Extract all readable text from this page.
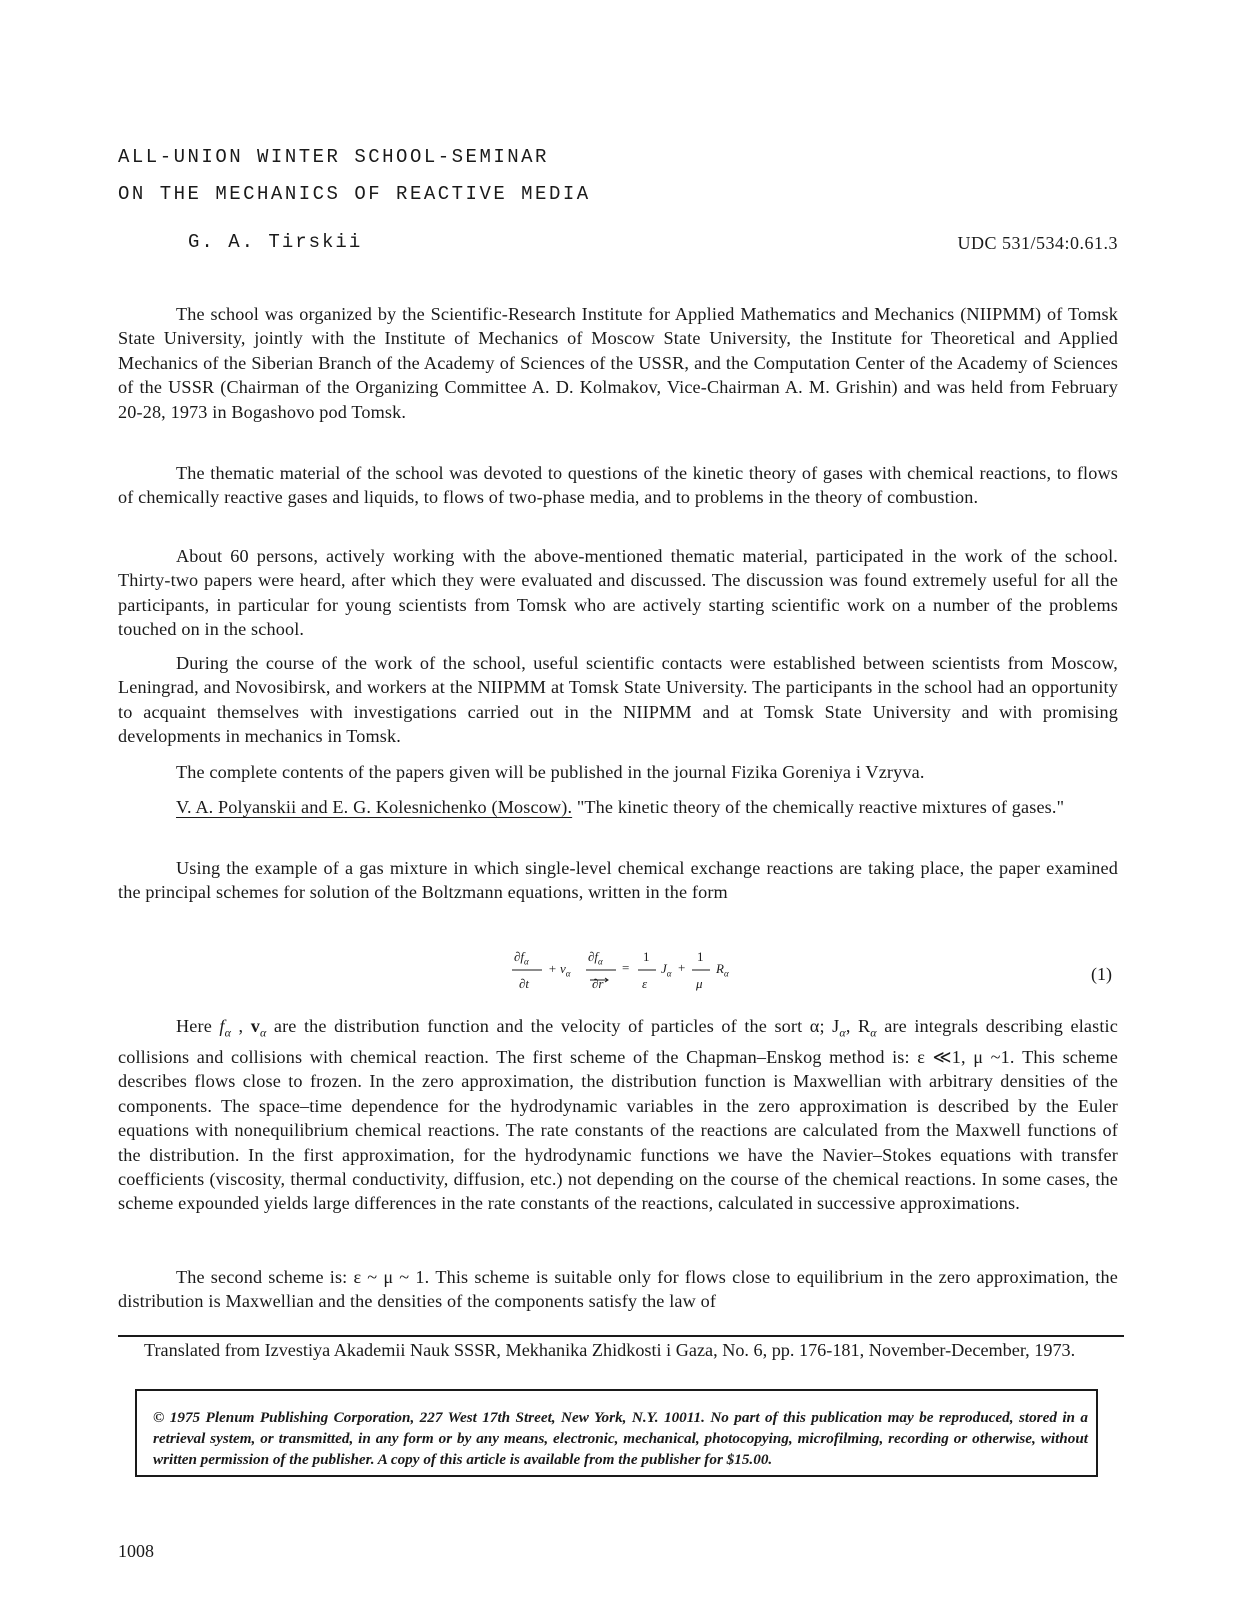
ALL-UNION WINTER SCHOOL-SEMINAR
ON THE MECHANICS OF REACTIVE MEDIA
G. A. Tirskii	UDC 531/534:0.61.3

The school was organized by the Scientific-Research Institute for Applied Mathematics and Mechanics (NIIPMM) of Tomsk State University, jointly with the Institute of Mechanics of Moscow State University, the Institute for Theoretical and Applied Mechanics of the Siberian Branch of the Academy of Sciences of the USSR, and the Computation Center of the Academy of Sciences of the USSR (Chairman of the Organizing Committee A. D. Kolmakov, Vice-Chairman A. M. Grishin) and was held from February 20-28, 1973 in Bogashovo pod Tomsk.

The thematic material of the school was devoted to questions of the kinetic theory of gases with chemical reactions, to flows of chemically reactive gases and liquids, to flows of two-phase media, and to problems in the theory of combustion.

About 60 persons, actively working with the above-mentioned thematic material, participated in the work of the school. Thirty-two papers were heard, after which they were evaluated and discussed. The discussion was found extremely useful for all the participants, in particular for young scientists from Tomsk who are actively starting scientific work on a number of the problems touched on in the school.

During the course of the work of the school, useful scientific contacts were established between scientists from Moscow, Leningrad, and Novosibirsk, and workers at the NIIPMM at Tomsk State University. The participants in the school had an opportunity to acquaint themselves with investigations carried out in the NIIPMM and at Tomsk State University and with promising developments in mechanics in Tomsk.

The complete contents of the papers given will be published in the journal Fizika Goreniya i Vzryva.

V. A. Polyanskii and E. G. Kolesnichenko (Moscow). "The kinetic theory of the chemically reactive mixtures of gases."

Using the example of a gas mixture in which single-level chemical exchange reactions are taking place, the paper examined the principal schemes for solution of the Boltzmann equations, written in the form

$\partial f_\alpha$
∂t
+ $v_\alpha$
$\partial f_\alpha$
∂r
=
1
ε
$J_\alpha$ +
1
μ
$R_\alpha$	(1)

Here $f_\alpha$ , $v_\alpha$ are the distribution function and the velocity of particles of the sort α; $J_\alpha$, $R_\alpha$ are integrals describing elastic collisions and collisions with chemical reaction. The first scheme of the Chapman–Enskog method is: ε ≪1, μ ~1. This scheme describes flows close to frozen. In the zero approximation, the distribution function is Maxwellian with arbitrary densities of the components. The space–time dependence for the hydrodynamic variables in the zero approximation is described by the Euler equations with nonequilibrium chemical reactions. The rate constants of the reactions are calculated from the Maxwell functions of the distribution. In the first approximation, for the hydrodynamic functions we have the Navier–Stokes equations with transfer coefficients (viscosity, thermal conductivity, diffusion, etc.) not depending on the course of the chemical reactions. In some cases, the scheme expounded yields large differences in the rate constants of the reactions, calculated in successive approximations.

The second scheme is: ε ~ μ ~ 1. This scheme is suitable only for flows close to equilibrium in the zero approximation, the distribution is Maxwellian and the densities of the components satisfy the law of

Translated from Izvestiya Akademii Nauk SSSR, Mekhanika Zhidkosti i Gaza, No. 6, pp. 176-181, November-December, 1973.
© 1975 Plenum Publishing Corporation, 227 West 17th Street, New York, N.Y. 10011. No part of this publication may be reproduced, stored in a retrieval system, or transmitted, in any form or by any means, electronic, mechanical, photocopying, microfilming, recording or otherwise, without written permission of the publisher. A copy of this article is available from the publisher for $15.00.
1008
